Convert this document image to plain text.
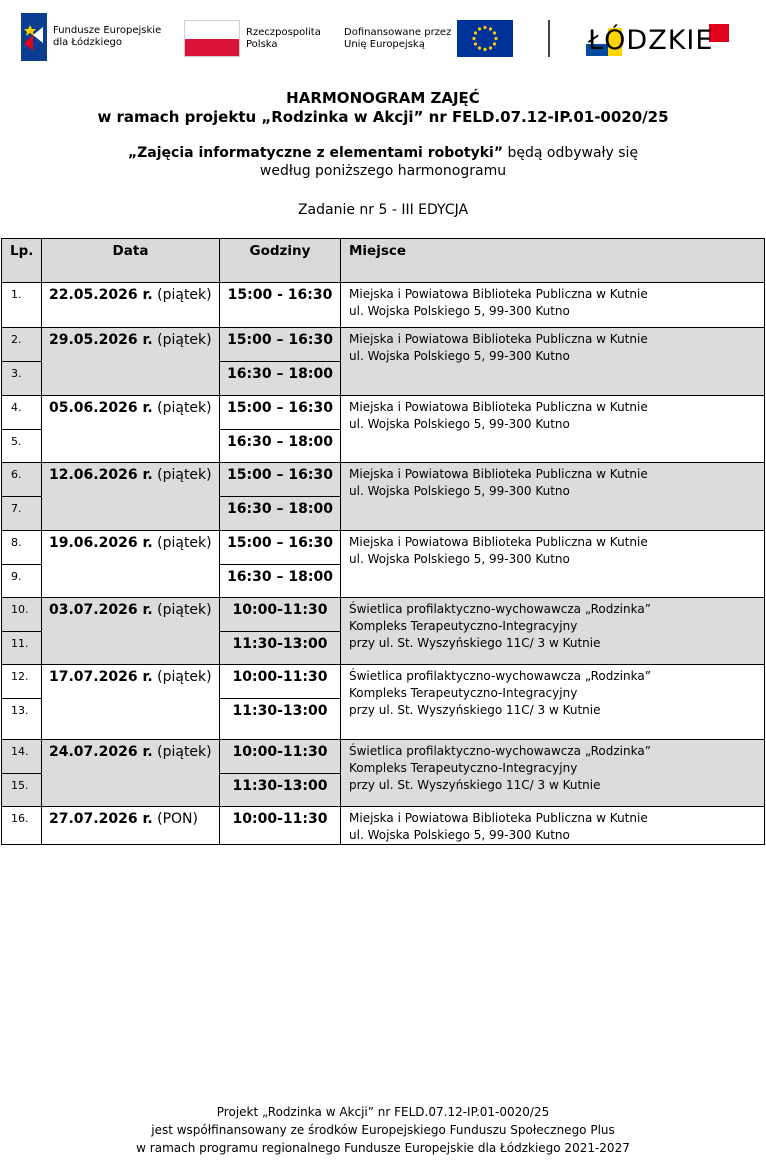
Fundusze Europejskie
dla Łódzkiego
Rzeczpospolita
Polska
Dofinansowane przez
Unię Europejską	ŁÓDZKIE
HARMONOGRAM ZAJĘĆ
w ramach projektu „Rodzinka w Akcji” nr FELD.07.12-IP.01-0020/25
„Zajęcia informatyczne z elementami robotyki” będą odbywały się
według poniższego harmonogramu
Zadanie nr 5 - III EDYCJA
Lp.	Data	Godziny	Miejsce
1.	22.05.2026 r. (piątek)	15:00 - 16:30	Miejska i Powiatowa Biblioteka Publiczna w Kutnie
ul. Wojska Polskiego 5, 99-300 Kutno
2.	29.05.2026 r. (piątek)	15:00 – 16:30	Miejska i Powiatowa Biblioteka Publiczna w Kutnie
ul. Wojska Polskiego 5, 99-300 Kutno
3.		16:30 – 18:00	
4.	05.06.2026 r. (piątek)	15:00 – 16:30	Miejska i Powiatowa Biblioteka Publiczna w Kutnie
ul. Wojska Polskiego 5, 99-300 Kutno
5.		16:30 – 18:00	
6.	12.06.2026 r. (piątek)	15:00 – 16:30	Miejska i Powiatowa Biblioteka Publiczna w Kutnie
ul. Wojska Polskiego 5, 99-300 Kutno
7.		16:30 – 18:00	
8.	19.06.2026 r. (piątek)	15:00 – 16:30	Miejska i Powiatowa Biblioteka Publiczna w Kutnie
ul. Wojska Polskiego 5, 99-300 Kutno
9.		16:30 – 18:00	
10.	03.07.2026 r. (piątek)	10:00-11:30	Świetlica profilaktyczno-wychowawcza „Rodzinka”
Kompleks Terapeutyczno-Integracyjny
przy ul. St. Wyszyńskiego 11C/ 3 w Kutnie
11.		11:30-13:00	
12.	17.07.2026 r. (piątek)	10:00-11:30	Świetlica profilaktyczno-wychowawcza „Rodzinka”
Kompleks Terapeutyczno-Integracyjny
przy ul. St. Wyszyńskiego 11C/ 3 w Kutnie
13.		11:30-13:00	
14.	24.07.2026 r. (piątek)	10:00-11:30	Świetlica profilaktyczno-wychowawcza „Rodzinka”
Kompleks Terapeutyczno-Integracyjny
przy ul. St. Wyszyńskiego 11C/ 3 w Kutnie
15.		11:30-13:00	
16.	27.07.2026 r. (PON)	10:00-11:30	Miejska i Powiatowa Biblioteka Publiczna w Kutnie
ul. Wojska Polskiego 5, 99-300 Kutno
Projekt „Rodzinka w Akcji” nr FELD.07.12-IP.01-0020/25
jest współfinansowany ze środków Europejskiego Funduszu Społecznego Plus
w ramach programu regionalnego Fundusze Europejskie dla Łódzkiego 2021-2027
